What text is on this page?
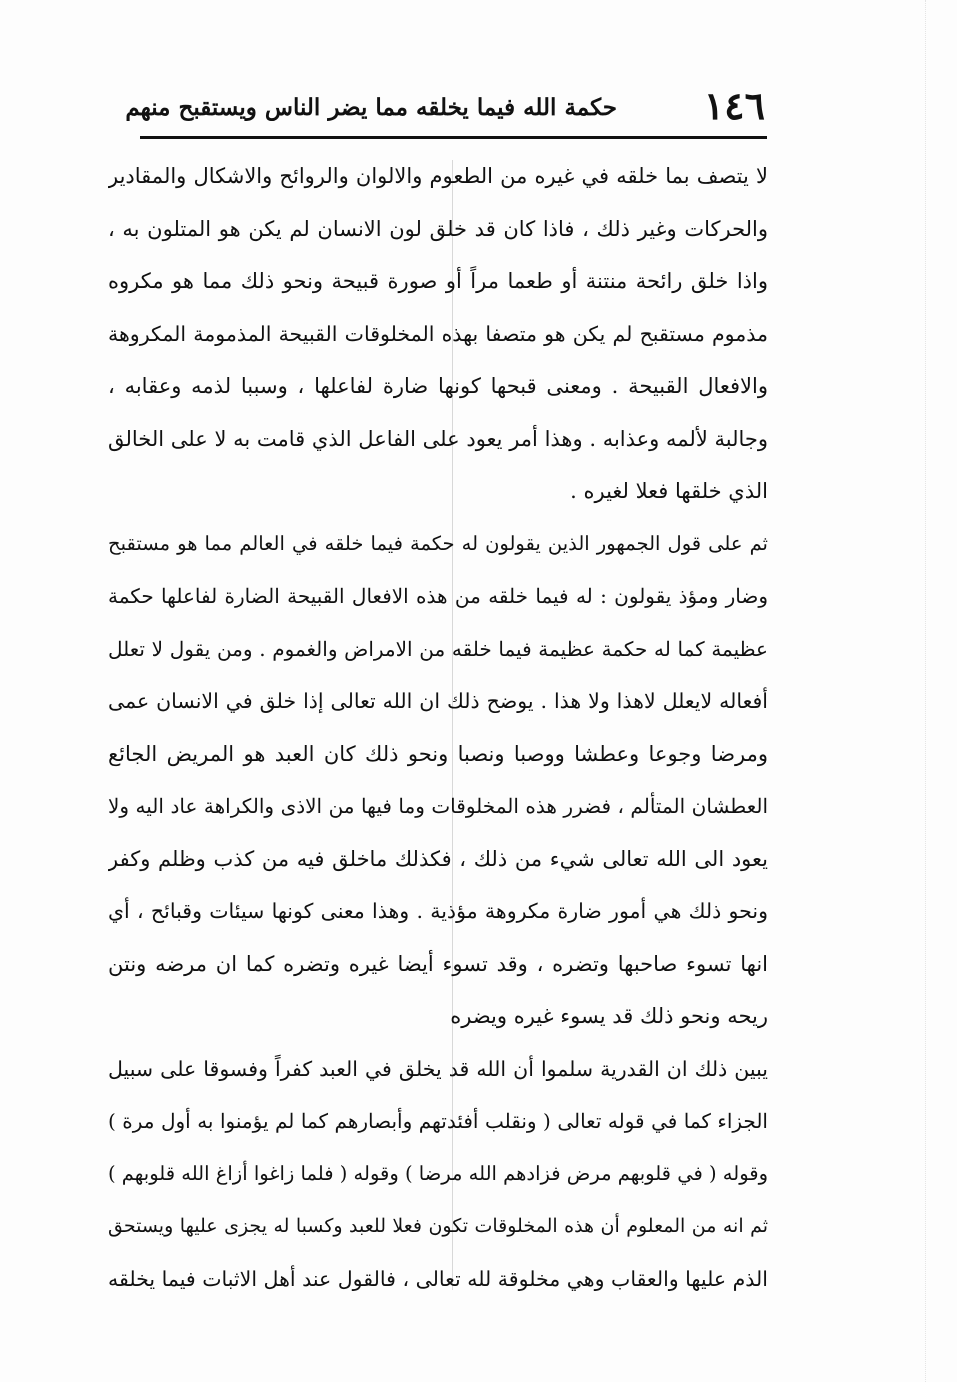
١٤٦
حكمة الله فيما يخلقه مما يضر الناس ويستقبح منهم

لا يتصف بما خلقه في غيره من الطعوم والالوان والروائح والاشكال والمقادير
والحركات وغير ذلك ، فاذا كان قد خلق لون الانسان لم يكن هو المتلون به ،
واذا خلق رائحة منتنة أو طعما مراً أو صورة قبيحة ونحو ذلك مما هو مكروه
مذموم مستقبح لم يكن هو متصفا بهذه المخلوقات القبيحة المذمومة المكروهة
والافعال القبيحة . ومعنى قبحها كونها ضارة لفاعلها ، وسببا لذمه وعقابه ،
وجالبة لألمه وعذابه . وهذا أمر يعود على الفاعل الذي قامت به لا على الخالق
الذي خلقها فعلا لغيره .

ثم على قول الجمهور الذين يقولون له حكمة فيما خلقه في العالم مما هو مستقبح
وضار ومؤذ يقولون : له فيما خلقه من هذه الافعال القبيحة الضارة لفاعلها حكمة
عظيمة كما له حكمة عظيمة فيما خلقه من الامراض والغموم . ومن يقول لا تعلل
أفعاله لايعلل لاهذا ولا هذا . يوضح ذلك ان الله تعالى إذا خلق في الانسان عمى
ومرضا وجوعا وعطشا ووصبا ونصبا ونحو ذلك كان العبد هو المريض الجائع
العطشان المتألم ، فضرر هذه المخلوقات وما فيها من الاذى والكراهة عاد اليه ولا
يعود الى الله تعالى شيء من ذلك ، فكذلك ماخلق فيه من كذب وظلم وكفر
ونحو ذلك هي أمور ضارة مكروهة مؤذية . وهذا معنى كونها سيئات وقبائح ، أي
انها تسوء صاحبها وتضره ، وقد تسوء أيضا غيره وتضره كما ان مرضه ونتن
ريحه ونحو ذلك قد يسوء غيره ويضره

يبين ذلك ان القدرية سلموا أن الله قد يخلق في العبد كفراً وفسوقا على سبيل
الجزاء كما في قوله تعالى ( ونقلب أفئدتهم وأبصارهم كما لم يؤمنوا به أول مرة )
وقوله ( في قلوبهم مرض فزادهم الله مرضا ) وقوله ( فلما زاغوا أزاغ الله قلوبهم )

ثم انه من المعلوم أن هذه المخلوقات تكون فعلا للعبد وكسبا له يجزى عليها ويستحق
الذم عليها والعقاب وهي مخلوقة لله تعالى ، فالقول عند أهل الاثبات فيما يخلقه
